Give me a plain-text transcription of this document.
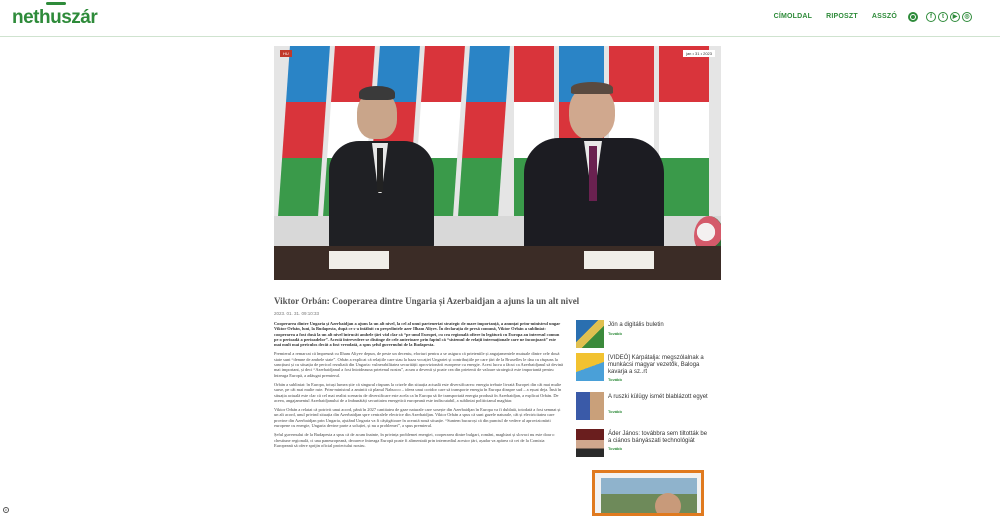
nethuszár	CÍMOLDAL RIPOSZT ASSZÓ	f	t	▶	◎
HU	jan • 31 • 2023
Viktor Orbán: Cooperarea dintre Ungaria și Azerbaidjan a ajuns la un alt nivel
2023. 01. 31. 09:10:33

Cooperarea dintre Ungaria și Azerbaidjan a ajuns la un alt nivel, la cel al unui parteneriat strategic de mare importanță, a anunțat prim-ministrul ungar Viktor Orbán, luni, la Budapesta, după ce s-a întâlnit cu președintele azer Ilham Aliyev. În declarația de presă comună, Viktor Orbán a subliniat: cooperarea a fost dusă la un alt nivel întrucât ambele țări văd clar că “pe unul Europei, cu cea regională ofiere în legătură cu Europa au interesul comun pe o perioadă a perioadelor”. Acestă întrevedere se distinge de cele anterioare prin faptul că “sistemul de relații internaționale care ne înconjoară” este mai mult mai periculos decât a fost vreodată, a spus șeful guvernului de la Budapesta.

Premierul a remarcat că împreună cu Ilham Aliyev depun, de peste un deceniu, eforturi pentru a se asigura că prieteniile și angajamentele mutuale dintre cele două state sunt “demne de ambele state”. Orbán a explicat că relațiile care stau la baza vocației Ungariei și contribuțiile pe care țări de la Bruxelles le dau cu răspuns la sancțiuni și cu situația de pericol rezultată din Ungaria: vulnerabilitatea securității aprovizionării europene cu energie. Acest lucru a făcut ca Azerbaidjanul să devină mai important, și deci “Azerbaidjanul a fost întotdeauna prietenul nostru”, acum a devenit și poate cea din prietenii de valoare strategică este importantă pentru întreaga Europă, a adăugat premierul.

Orbán a subliniat: în Europa, totuși lumea știe că singurul răspuns la crizele din situația actuală este diversificarea: energia trebuie livrată Europei din cât mai multe surse, pe cât mai multe rute. Prim-ministrul a amintit că planul Nabucco – ideea unui coridor care să transporte energia în Europa dinspre sud – a eșuat deja. Însă în situația actuală este clar că cel mai realist scenariu de diversificare este acela ca în Europa să fie transportată energia produsă în Azerbaidjan, a explicat Orbán. De aceea, angajamentul Azerbaidjanului de a îmbunătăți securitatea energetică europeană este indiscutabil, a subliniat politicianul maghiar.

Viktor Orbán a relatat că potrivit unui acord, până în 2027 cantitatea de gaze naturale care sosește din Azerbaidjan în Europa va fi dublată, totodată a fost semnat și un alt acord, unul privind situația din Azerbaidjan spre centralele electrice din Azerbaidjan. Viktor Orbán a spus că sunt gazele naturale, cât și electricitatea care provine din Azerbaidjan prin Ungaria, ajutând Ungaria va fi câștigătoare în această nouă situație. “Suntem bucuroși că din punctul de vedere al aprovizionării europene cu energie, Ungaria devine parte a soluției, și nu a problemei”, a spus premierul.

Șeful guvernului de la Budapesta a spus că de acum înainte, în privința problemei energiei, cooperarea dintre bulgari, români, maghiari și slovaci nu este doar o chestiune regională, ci una paneuropeană, deoarece întreaga Europă poate fi alimentată prin intermediul acestor țări, așadar va apărea că cei de la Comisia Europeană să ofere sprijin oficial proiectului nostru.

Jön a digitális buletin
Tovább
[VIDEÓ] Kárpátalja: megszólalnak a munkácsi magyar vezetők, Baloga kavarja a sz..rt
Tovább
A ruszki külügy ismét blablázott egyet
Tovább
Áder János: továbbra sem tiltották be a ciános bányászati technológiát
Tovább
c
